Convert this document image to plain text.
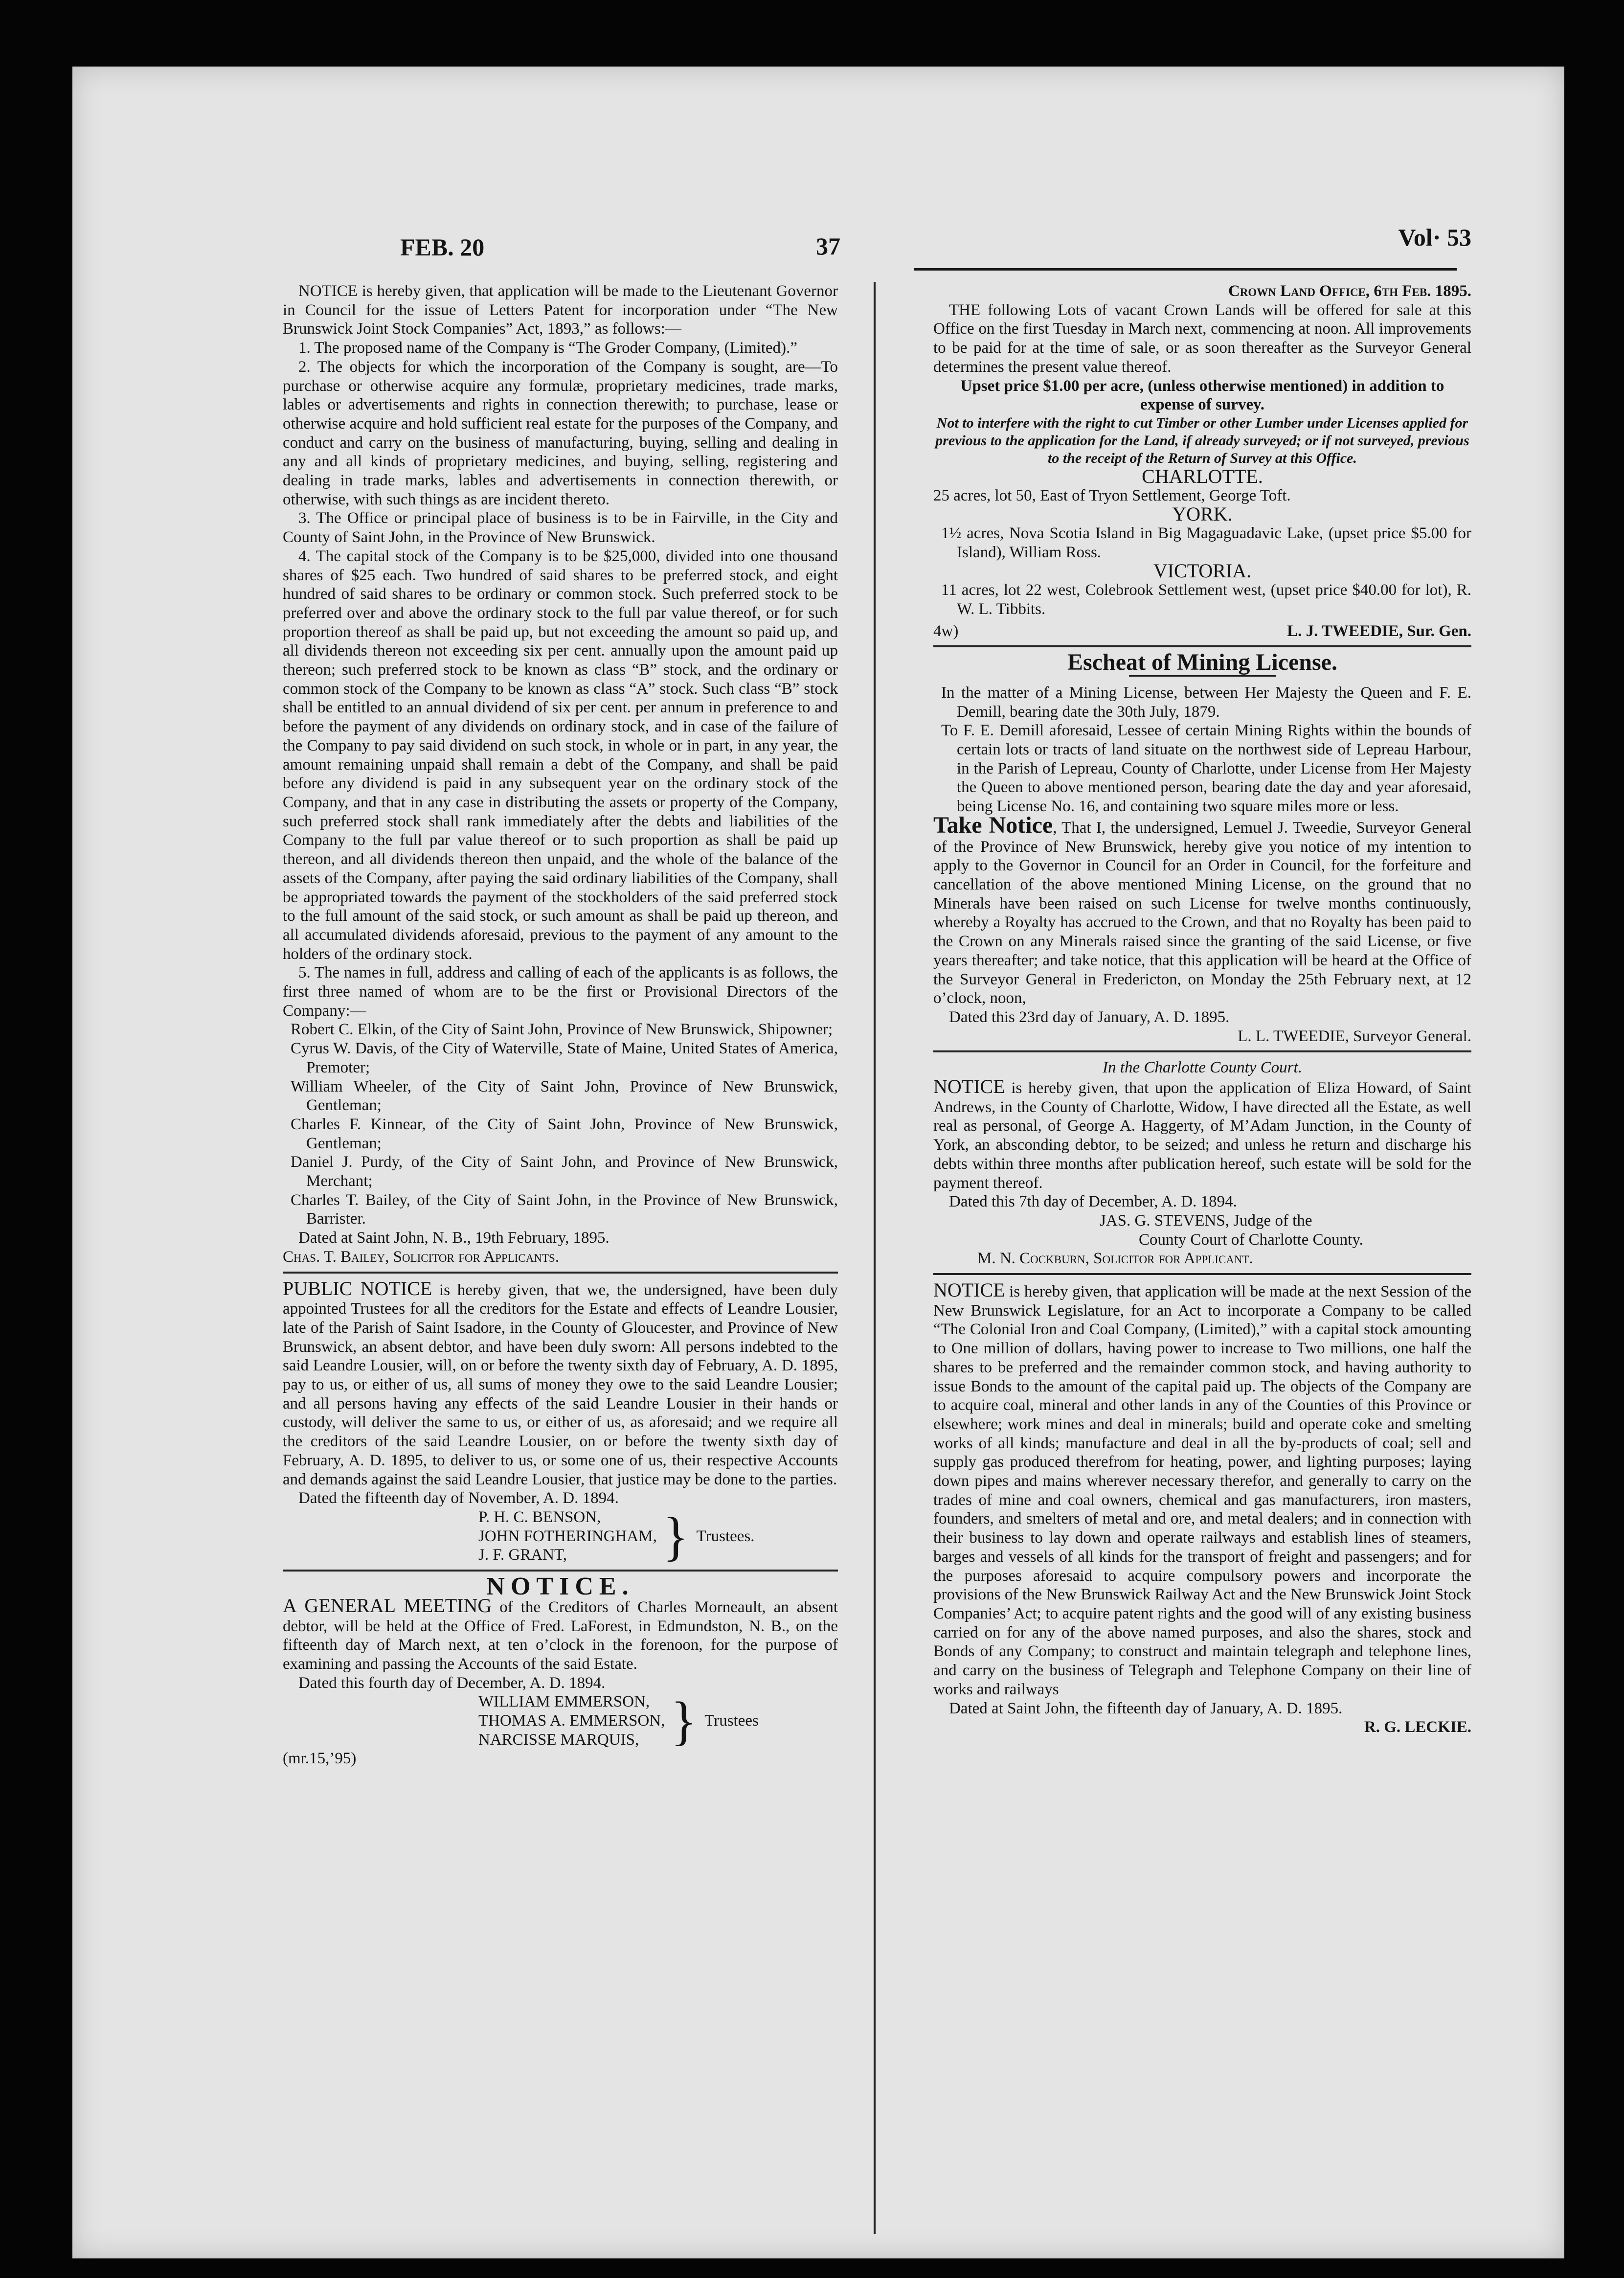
FEB. 20	37	Vol· 53

NOTICE is hereby given, that application will be made to the Lieutenant Governor in Council for the issue of Letters Patent for incorporation under “The New Brunswick Joint Stock Companies” Act, 1893,” as follows:—

1. The proposed name of the Company is “The Groder Company, (Limited).”

2. The objects for which the incorporation of the Company is sought, are—To purchase or otherwise acquire any formulæ, proprietary medicines, trade marks, lables or advertisements and rights in connection therewith; to purchase, lease or otherwise acquire and hold sufficient real estate for the purposes of the Company, and conduct and carry on the business of manufacturing, buying, selling and dealing in any and all kinds of proprietary medicines, and buying, selling, registering and dealing in trade marks, lables and advertisements in connection therewith, or otherwise, with such things as are incident thereto.

3. The Office or principal place of business is to be in Fairville, in the City and County of Saint John, in the Province of New Brunswick.

4. The capital stock of the Company is to be $25,000, divided into one thousand shares of $25 each. Two hundred of said shares to be preferred stock, and eight hundred of said shares to be ordinary or common stock. Such preferred stock to be preferred over and above the ordinary stock to the full par value thereof, or for such proportion thereof as shall be paid up, but not exceeding the amount so paid up, and all dividends thereon not exceeding six per cent. annually upon the amount paid up thereon; such preferred stock to be known as class “B” stock, and the ordinary or common stock of the Company to be known as class “A” stock. Such class “B” stock shall be entitled to an annual dividend of six per cent. per annum in preference to and before the payment of any dividends on ordinary stock, and in case of the failure of the Company to pay said dividend on such stock, in whole or in part, in any year, the amount remaining unpaid shall remain a debt of the Company, and shall be paid before any dividend is paid in any subsequent year on the ordinary stock of the Company, and that in any case in distributing the assets or property of the Company, such preferred stock shall rank immediately after the debts and liabilities of the Company to the full par value thereof or to such proportion as shall be paid up thereon, and all dividends thereon then unpaid, and the whole of the balance of the assets of the Company, after paying the said ordinary liabilities of the Company, shall be appropriated towards the payment of the stockholders of the said preferred stock to the full amount of the said stock, or such amount as shall be paid up thereon, and all accumulated dividends aforesaid, previous to the payment of any amount to the holders of the ordinary stock.

5. The names in full, address and calling of each of the applicants is as follows, the first three named of whom are to be the first or Provisional Directors of the Company:—

Robert C. Elkin, of the City of Saint John, Province of New Brunswick, Shipowner;

Cyrus W. Davis, of the City of Waterville, State of Maine, United States of America, Premoter;

William Wheeler, of the City of Saint John, Province of New Brunswick, Gentleman;

Charles F. Kinnear, of the City of Saint John, Province of New Brunswick, Gentleman;

Daniel J. Purdy, of the City of Saint John, and Province of New Brunswick, Merchant;

Charles T. Bailey, of the City of Saint John, in the Province of New Brunswick, Barrister.

Dated at Saint John, N. B., 19th February, 1895.

Chas. T. Bailey, Solicitor for Applicants.

PUBLIC NOTICE is hereby given, that we, the undersigned, have been duly appointed Trustees for all the creditors for the Estate and effects of Leandre Lousier, late of the Parish of Saint Isadore, in the County of Gloucester, and Province of New Brunswick, an absent debtor, and have been duly sworn: All persons indebted to the said Leandre Lousier, will, on or before the twenty sixth day of February, A. D. 1895, pay to us, or either of us, all sums of money they owe to the said Leandre Lousier; and all persons having any effects of the said Leandre Lousier in their hands or custody, will deliver the same to us, or either of us, as aforesaid; and we require all the creditors of the said Leandre Lousier, on or before the twenty sixth day of February, A. D. 1895, to deliver to us, or some one of us, their respective Accounts and demands against the said Leandre Lousier, that justice may be done to the parties.

Dated the fifteenth day of November, A. D. 1894.

P. H. C. BENSON,
JOHN FOTHERINGHAM,
J. F. GRANT,	} Trustees.

NOTICE.

A GENERAL MEETING of the Creditors of Charles Morneault, an absent debtor, will be held at the Office of Fred. LaForest, in Edmundston, N. B., on the fifteenth day of March next, at ten o’clock in the forenoon, for the purpose of examining and passing the Accounts of the said Estate.

Dated this fourth day of December, A. D. 1894.

WILLIAM EMMERSON,
THOMAS A. EMMERSON,
NARCISSE MARQUIS, } Trustees

(mr.15,’95)

Crown Land Office, 6th Feb. 1895.

THE following Lots of vacant Crown Lands will be offered for sale at this Office on the first Tuesday in March next, commencing at noon. All improvements to be paid for at the time of sale, or as soon thereafter as the Surveyor General determines the present value thereof.

Upset price $1.00 per acre, (unless otherwise mentioned) in addition to expense of survey.

Not to interfere with the right to cut Timber or other Lumber under Licenses applied for previous to the application for the Land, if already surveyed; or if not surveyed, previous to the receipt of the Return of Survey at this Office.

CHARLOTTE.

25 acres, lot 50, East of Tryon Settlement, George Toft.

YORK.

1½ acres, Nova Scotia Island in Big Magaguadavic Lake, (upset price $5.00 for Island), William Ross.

VICTORIA.

11 acres, lot 22 west, Colebrook Settlement west, (upset price $40.00 for lot), R. W. L. Tibbits.

4w)	L. J. TWEEDIE, Sur. Gen.

Escheat of Mining License.

In the matter of a Mining License, between Her Majesty the Queen and F. E. Demill, bearing date the 30th July, 1879.

To F. E. Demill aforesaid, Lessee of certain Mining Rights within the bounds of certain lots or tracts of land situate on the northwest side of Lepreau Harbour, in the Parish of Lepreau, County of Charlotte, under License from Her Majesty the Queen to above mentioned person, bearing date the day and year aforesaid, being License No. 16, and containing two square miles more or less.

Take Notice, That I, the undersigned, Lemuel J. Tweedie, Surveyor General of the Province of New Brunswick, hereby give you notice of my intention to apply to the Governor in Council for an Order in Council, for the forfeiture and cancellation of the above mentioned Mining License, on the ground that no Minerals have been raised on such License for twelve months continuously, whereby a Royalty has accrued to the Crown, and that no Royalty has been paid to the Crown on any Minerals raised since the granting of the said License, or five years thereafter; and take notice, that this application will be heard at the Office of the Surveyor General in Fredericton, on Monday the 25th February next, at 12 o’clock, noon,

Dated this 23rd day of January, A. D. 1895.

L. L. TWEEDIE, Surveyor General.

In the Charlotte County Court.

NOTICE is hereby given, that upon the application of Eliza Howard, of Saint Andrews, in the County of Charlotte, Widow, I have directed all the Estate, as well real as personal, of George A. Haggerty, of M’Adam Junction, in the County of York, an absconding debtor, to be seized; and unless he return and discharge his debts within three months after publication hereof, such estate will be sold for the payment thereof.

Dated this 7th day of December, A. D. 1894.

JAS. G. STEVENS, Judge of the

County Court of Charlotte County.

M. N. Cockburn, Solicitor for Applicant.

NOTICE is hereby given, that application will be made at the next Session of the New Brunswick Legislature, for an Act to incorporate a Company to be called “The Colonial Iron and Coal Company, (Limited),” with a capital stock amounting to One million of dollars, having power to increase to Two millions, one half the shares to be preferred and the remainder common stock, and having authority to issue Bonds to the amount of the capital paid up. The objects of the Company are to acquire coal, mineral and other lands in any of the Counties of this Province or elsewhere; work mines and deal in minerals; build and operate coke and smelting works of all kinds; manufacture and deal in all the by-products of coal; sell and supply gas produced therefrom for heating, power, and lighting purposes; laying down pipes and mains wherever necessary therefor, and generally to carry on the trades of mine and coal owners, chemical and gas manufacturers, iron masters, founders, and smelters of metal and ore, and metal dealers; and in connection with their business to lay down and operate railways and establish lines of steamers, barges and vessels of all kinds for the transport of freight and passengers; and for the purposes aforesaid to acquire compulsory powers and incorporate the provisions of the New Brunswick Railway Act and the New Brunswick Joint Stock Companies’ Act; to acquire patent rights and the good will of any existing business carried on for any of the above named purposes, and also the shares, stock and Bonds of any Company; to construct and maintain telegraph and telephone lines, and carry on the business of Telegraph and Telephone Company on their line of works and railways

Dated at Saint John, the fifteenth day of January, A. D. 1895.

R. G. LECKIE.
